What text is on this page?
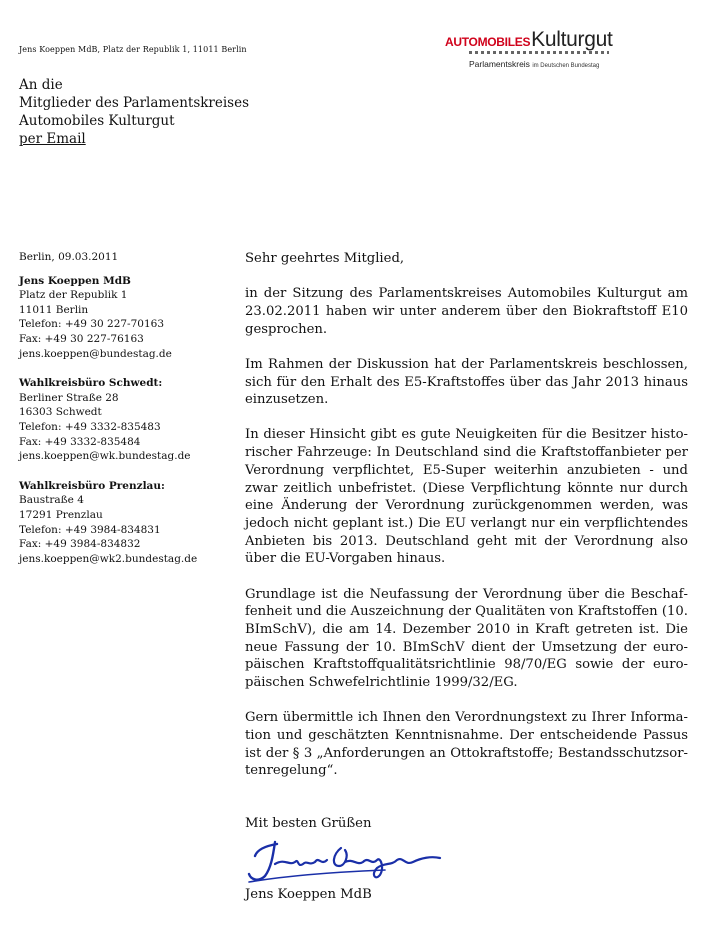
Jens Koeppen MdB, Platz der Republik 1, 11011 Berlin
AUTOMOBILES Kulturgut
Parlamentskreis im Deutschen Bundestag
An die
Mitglieder des Parlamentskreises
Automobiles Kulturgut
per Email
Berlin, 09.03.2011
Jens Koeppen MdB
Platz der Republik 1
11011 Berlin
Telefon: +49 30 227-70163
Fax: +49 30 227-76163
jens.koeppen@bundestag.de
Wahlkreisbüro Schwedt:
Berliner Straße 28
16303 Schwedt
Telefon: +49 3332-835483
Fax: +49 3332-835484
jens.koeppen@wk.bundestag.de
Wahlkreisbüro Prenzlau:
Baustraße 4
17291 Prenzlau
Telefon: +49 3984-834831
Fax: +49 3984-834832
jens.koeppen@wk2.bundestag.de

Sehr geehrtes Mitglied,

in der Sitzung des Parlamentskreises Automobiles Kulturgut am 23.02.2011 haben wir unter anderem über den Biokraftstoff E10 gesprochen.

Im Rahmen der Diskussion hat der Parlamentskreis beschlossen, sich für den Erhalt des E5-Kraftstoffes über das Jahr 2013 hinaus einzusetzen.

In dieser Hinsicht gibt es gute Neuigkeiten für die Besitzer historischer Fahrzeuge: In Deutschland sind die Kraftstoffanbieter per Verordnung verpflichtet, E5-Super weiterhin anzubieten - und zwar zeitlich unbefristet. (Diese Verpflichtung könnte nur durch eine Änderung der Verordnung zurückgenommen werden, was jedoch nicht geplant ist.) Die EU verlangt nur ein verpflichtendes Anbieten bis 2013. Deutschland geht mit der Verordnung also über die EU-Vorgaben hinaus.

Grundlage ist die Neufassung der Verordnung über die Beschaffenheit und die Auszeichnung der Qualitäten von Kraftstoffen (10. BImSchV), die am 14. Dezember 2010 in Kraft getreten ist. Die neue Fassung der 10. BImSchV dient der Umsetzung der europäischen Kraftstoffqualitätsrichtlinie 98/70/EG sowie der europäischen Schwefelrichtlinie 1999/32/EG.

Gern übermittle ich Ihnen den Verordnungstext zu Ihrer Information und geschätzten Kenntnisnahme. Der entscheidende Passus ist der § 3 „Anforderungen an Ottokraftstoffe; Bestandsschutzsortenregelung“.

Mit besten Grüßen
Jens Koeppen MdB
